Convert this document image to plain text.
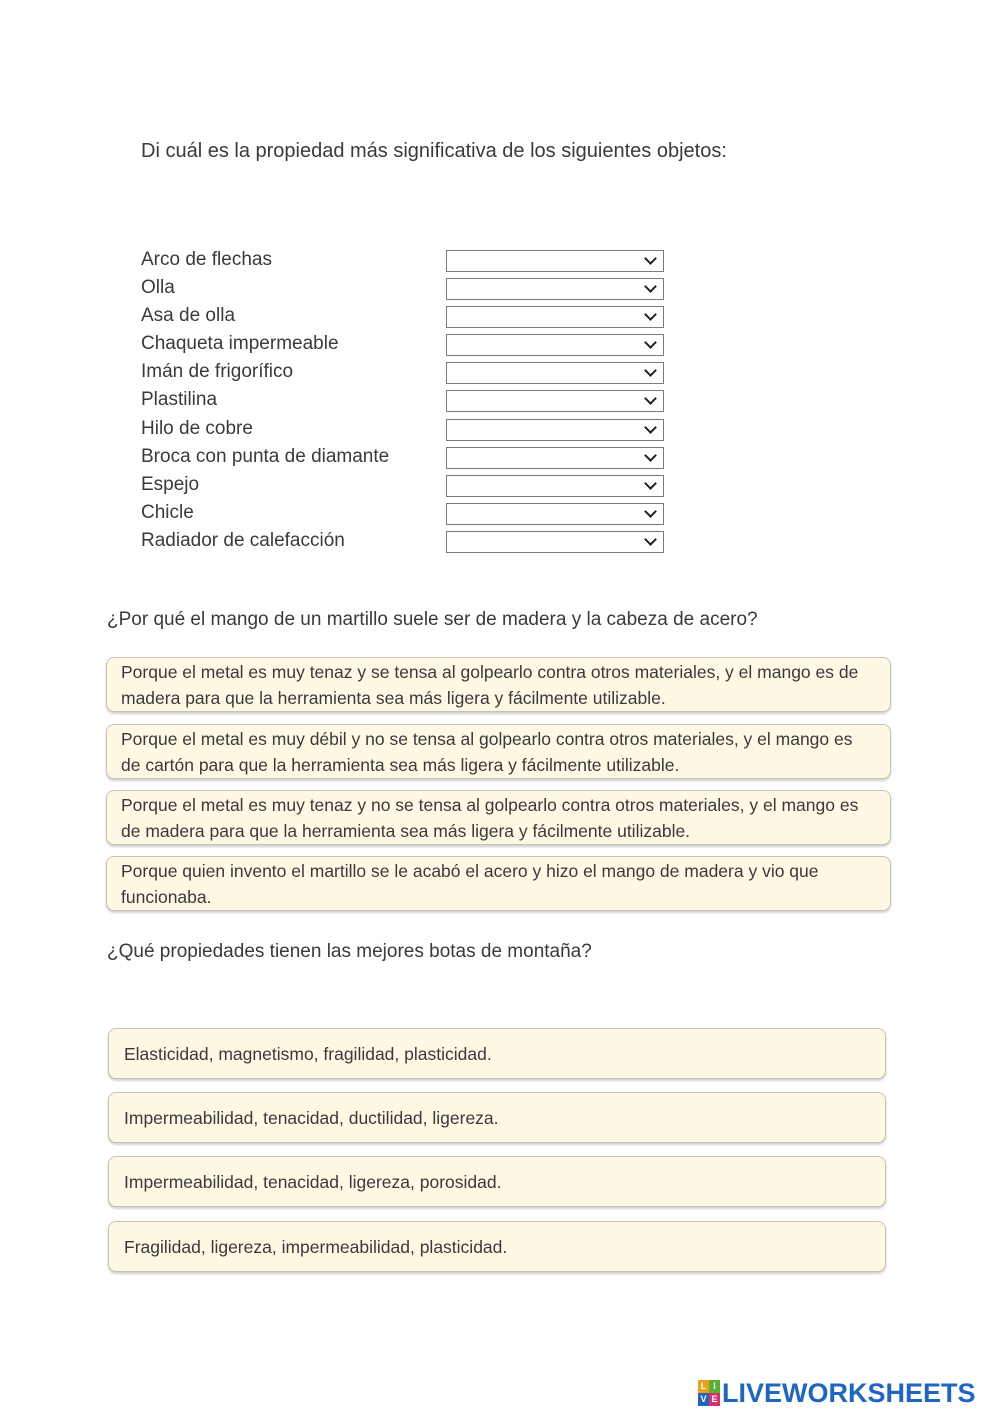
Di cuál es la propiedad más significativa de los siguientes objetos:
Arco de flechas
Olla
Asa de olla
Chaqueta impermeable
Imán de frigorífico
Plastilina
Hilo de cobre
Broca con punta de diamante
Espejo
Chicle
Radiador de calefacción
¿Por qué el mango de un martillo suele ser de madera y la cabeza de acero?
Porque el metal es muy tenaz y se tensa al golpearlo contra otros materiales, y el mango es de madera para que la herramienta sea más ligera y fácilmente utilizable.
Porque el metal es muy débil y no se tensa al golpearlo contra otros materiales, y el mango es de cartón para que la herramienta sea más ligera y fácilmente utilizable.
Porque el metal es muy tenaz y no se tensa al golpearlo contra otros materiales, y el mango es de madera para que la herramienta sea más ligera y fácilmente utilizable.
Porque quien invento el martillo se le acabó el acero y hizo el mango de madera y vio que funcionaba.
¿Qué propiedades tienen las mejores botas de montaña?
Elasticidad, magnetismo, fragilidad, plasticidad.
Impermeabilidad, tenacidad, ductilidad, ligereza.
Impermeabilidad, tenacidad, ligereza, porosidad.
Fragilidad, ligereza, impermeabilidad, plasticidad.
L I
V E LIVEWORKSHEETS
